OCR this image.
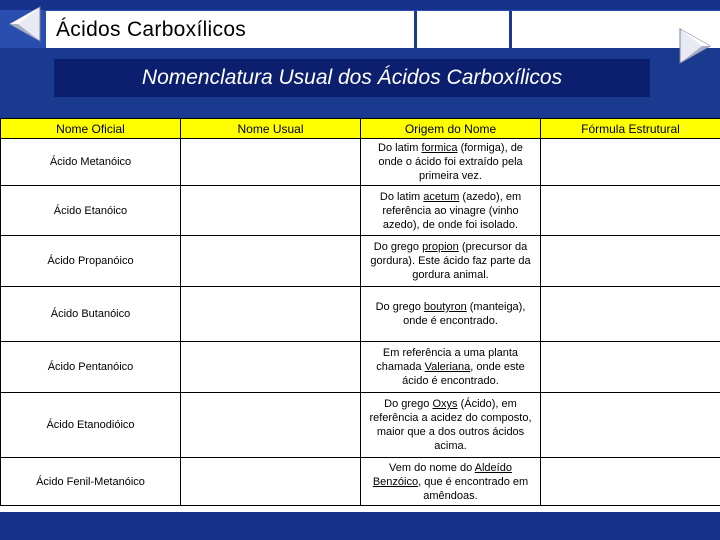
Ácidos Carboxílicos
Nomenclatura Usual dos Ácidos Carboxílicos
Nome Oficial	Nome Usual	Origem do Nome	Fórmula Estrutural
Ácido Metanóico		Do latim formica (formiga), de onde o ácido foi extraído pela primeira vez.	
Ácido Etanóico		Do latim acetum (azedo), em referência ao vinagre (vinho azedo), de onde foi isolado.	
Ácido Propanóico		Do grego propion (precursor da gordura). Este ácido faz parte da gordura animal.	
Ácido Butanóico		Do grego boutyron (manteiga), onde é encontrado.	
Ácido Pentanóico		Em referência a uma planta chamada Valeriana, onde este ácido é encontrado.	
Ácido Etanodióico		Do grego Oxys (Ácido), em referência a acidez do composto, maior que a dos outros ácidos acima.	
Ácido Fenil-Metanóico		Vem do nome do Aldeído Benzóico, que é encontrado em amêndoas.	
